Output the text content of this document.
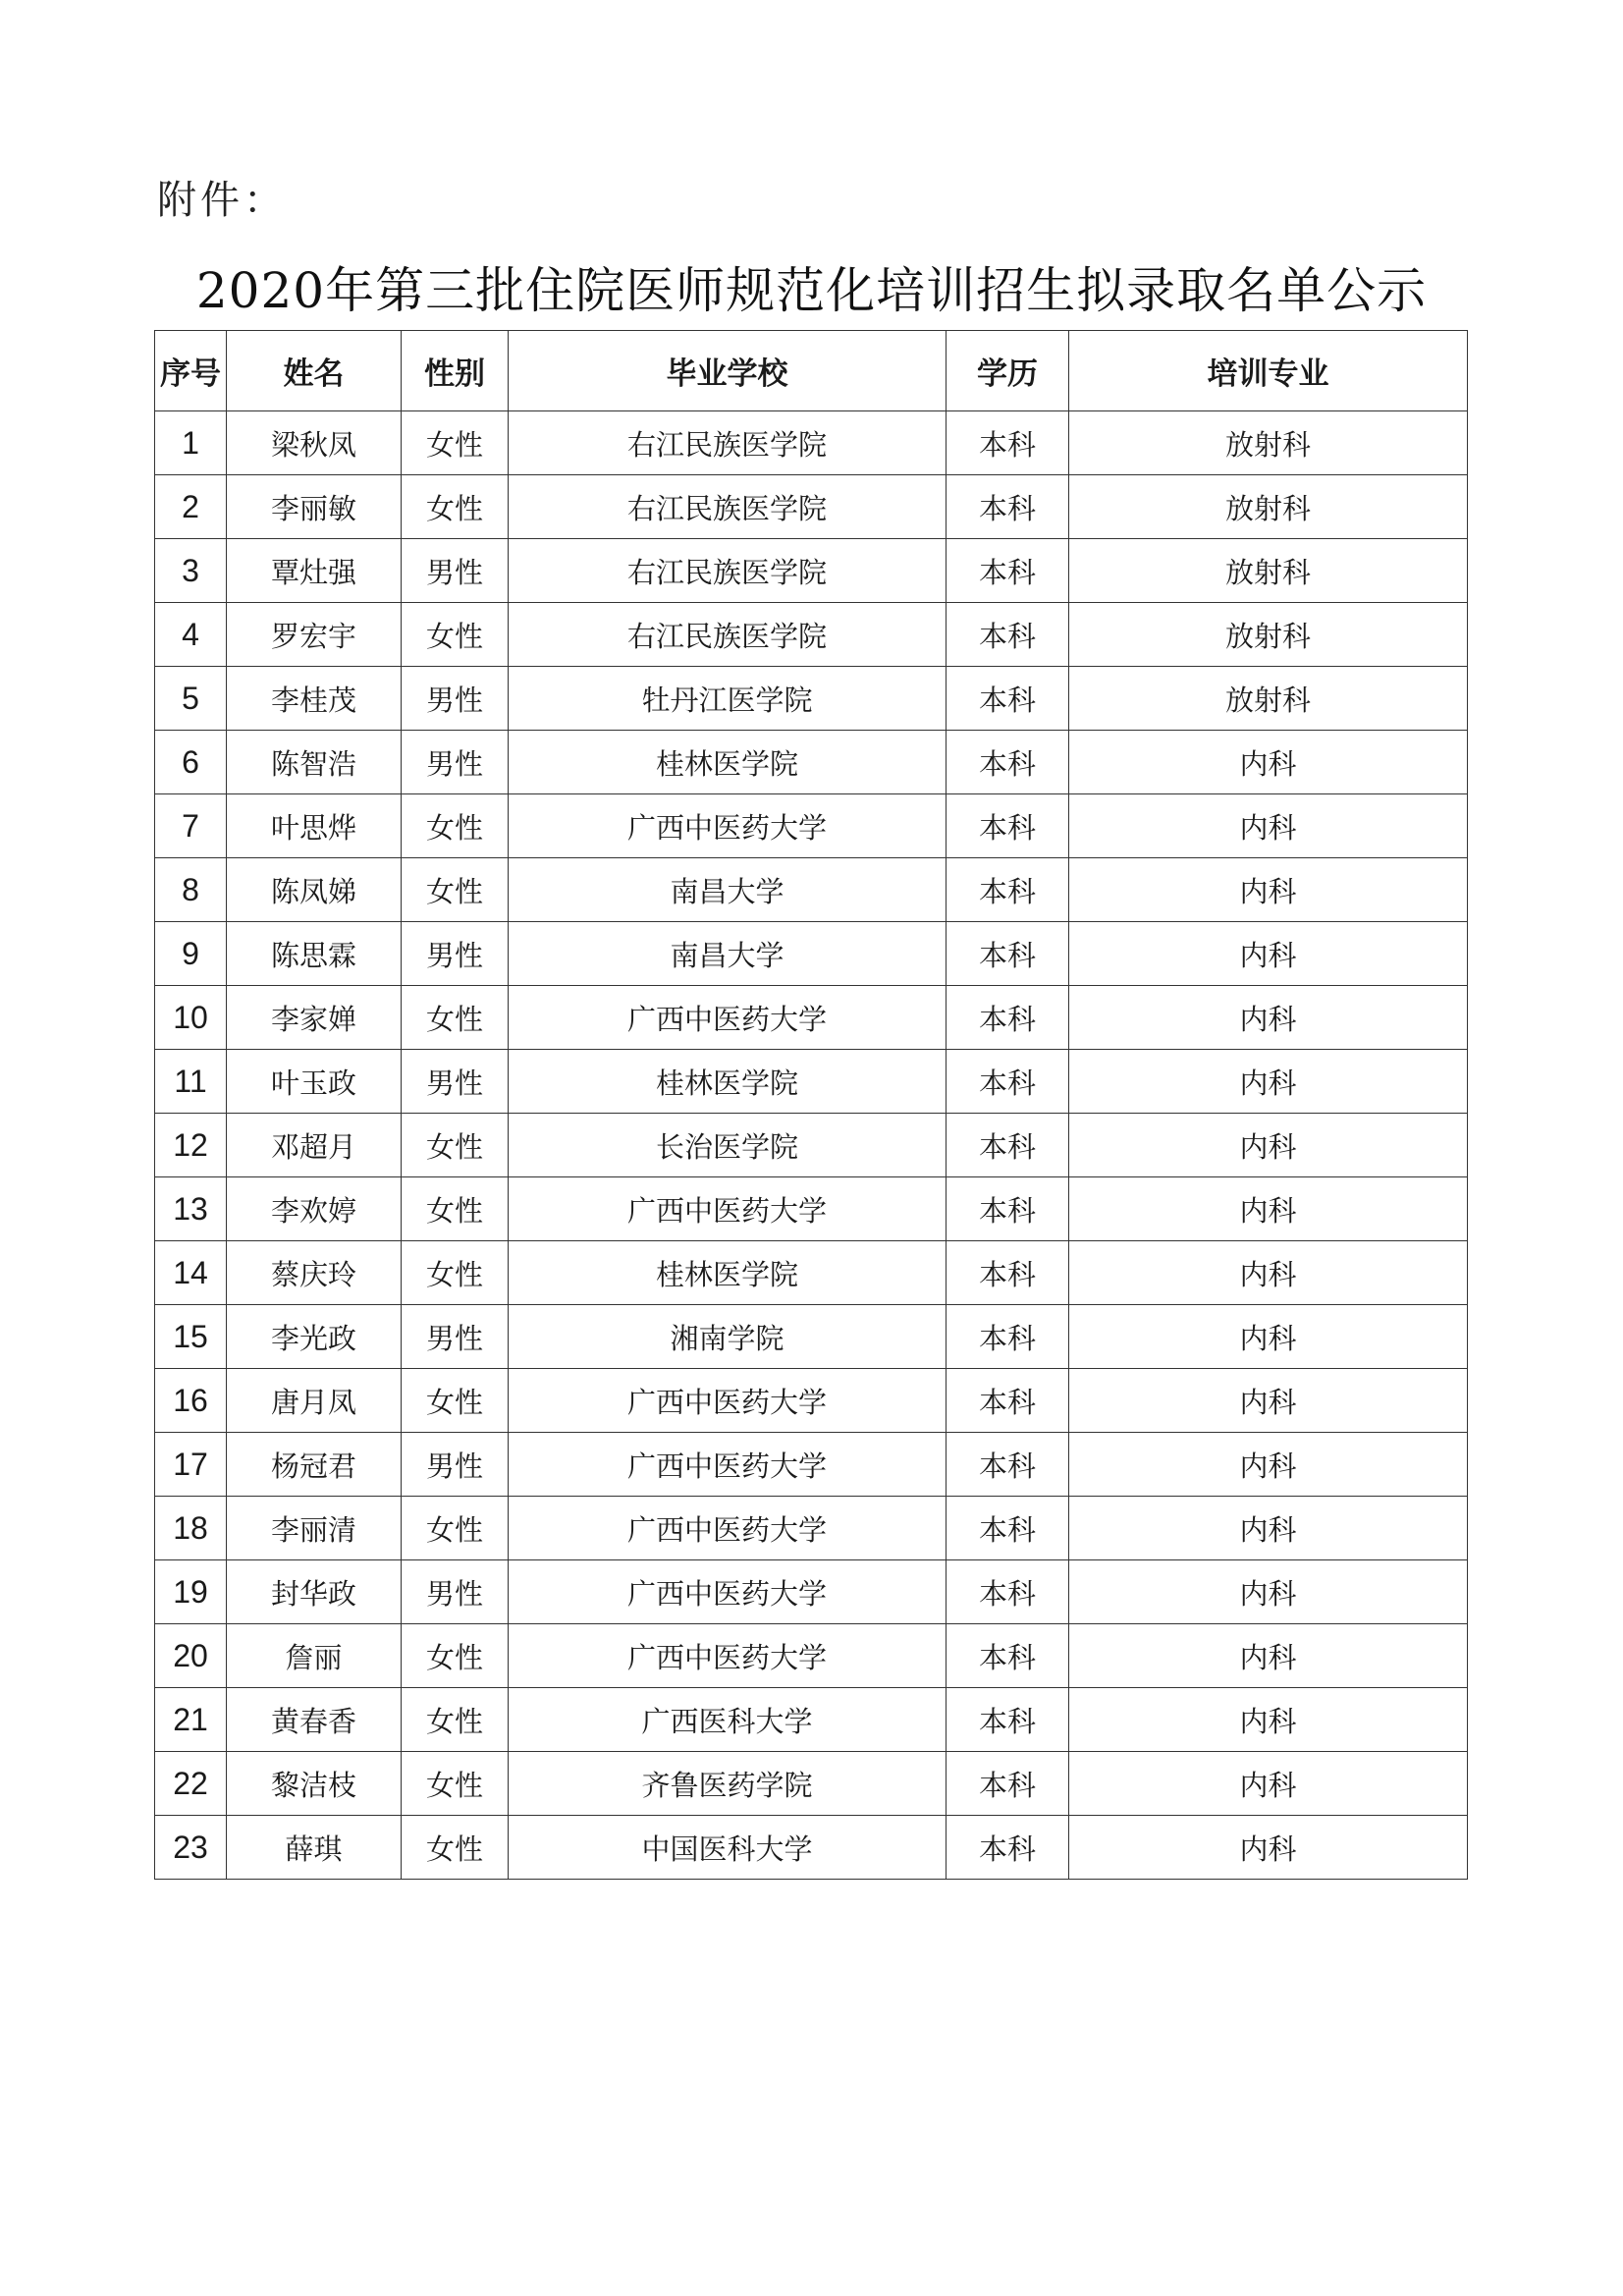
附件：
2020年第三批住院医师规范化培训招生拟录取名单公示
序号	姓名	性别	毕业学校	学历	培训专业
1	梁秋凤	女性	右江民族医学院	本科	放射科
2	李丽敏	女性	右江民族医学院	本科	放射科
3	覃灶强	男性	右江民族医学院	本科	放射科
4	罗宏宇	女性	右江民族医学院	本科	放射科
5	李桂茂	男性	牡丹江医学院	本科	放射科
6	陈智浩	男性	桂林医学院	本科	内科
7	叶思烨	女性	广西中医药大学	本科	内科
8	陈凤娣	女性	南昌大学	本科	内科
9	陈思霖	男性	南昌大学	本科	内科
10	李家婵	女性	广西中医药大学	本科	内科
11	叶玉政	男性	桂林医学院	本科	内科
12	邓超月	女性	长治医学院	本科	内科
13	李欢婷	女性	广西中医药大学	本科	内科
14	蔡庆玲	女性	桂林医学院	本科	内科
15	李光政	男性	湘南学院	本科	内科
16	唐月凤	女性	广西中医药大学	本科	内科
17	杨冠君	男性	广西中医药大学	本科	内科
18	李丽清	女性	广西中医药大学	本科	内科
19	封华政	男性	广西中医药大学	本科	内科
20	詹丽	女性	广西中医药大学	本科	内科
21	黄春香	女性	广西医科大学	本科	内科
22	黎洁枝	女性	齐鲁医药学院	本科	内科
23	薛琪	女性	中国医科大学	本科	内科
